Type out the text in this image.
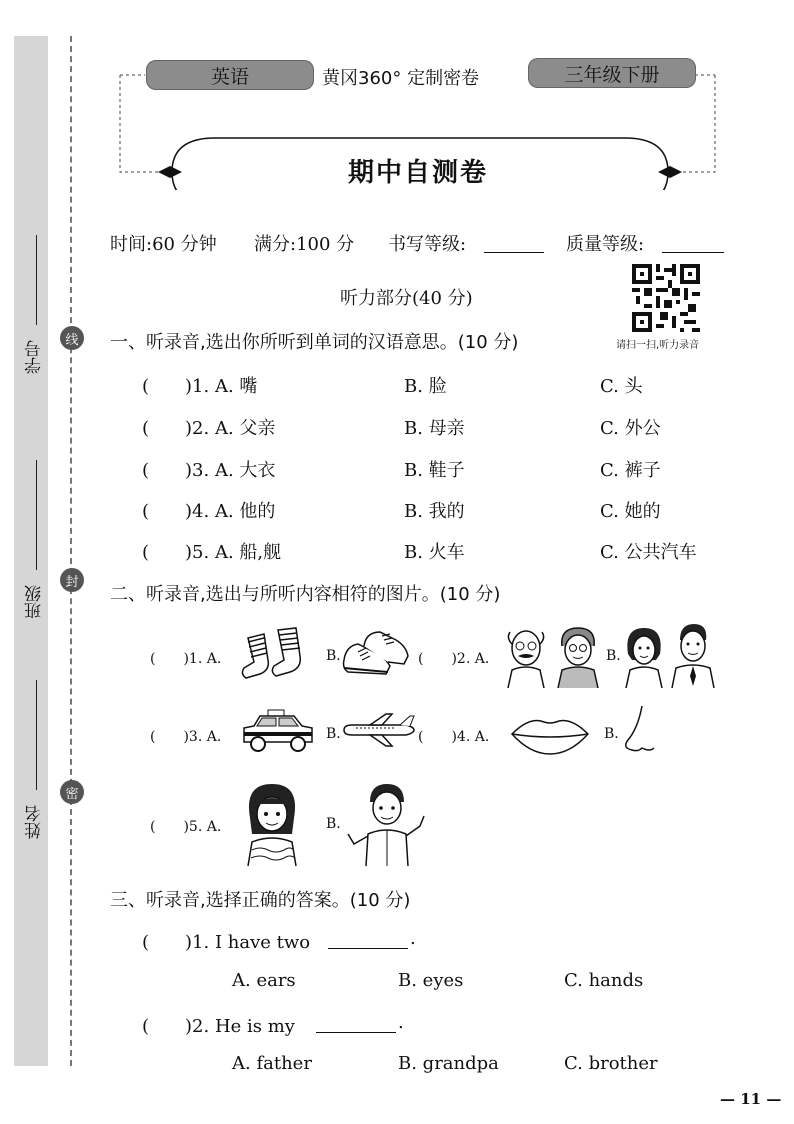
学号
班级
姓名
线
封
密
英语	黄冈360° 定制密卷	三年级下册
期中自测卷
时间:60 分钟 满分:100 分 书写等级:	质量等级:
听力部分(40 分)
请扫一扫,听力录音
一、听录音,选出你所听到单词的汉语意思。(10 分)
(　　)1. A. 嘴	B. 脸	C. 头
(　　)2. A. 父亲	B. 母亲	C. 外公
(　　)3. A. 大衣	B. 鞋子	C. 裤子
(　　)4. A. 他的	B. 我的	C. 她的
(　　)5. A. 船,舰	B. 火车	C. 公共汽车
二、听录音,选出与所听内容相符的图片。(10 分)
(　　)1. A.	B.	(　　)2. A.	B.
(　　)3. A.	B.	(　　)4. A.	B.
(　　)5. A.	B.
三、听录音,选择正确的答案。(10 分)
(　　)1. I have two	.
A. ears	B. eyes	C. hands
(　　)2. He is my	.
A. father	B. grandpa	C. brother
— 11 —
